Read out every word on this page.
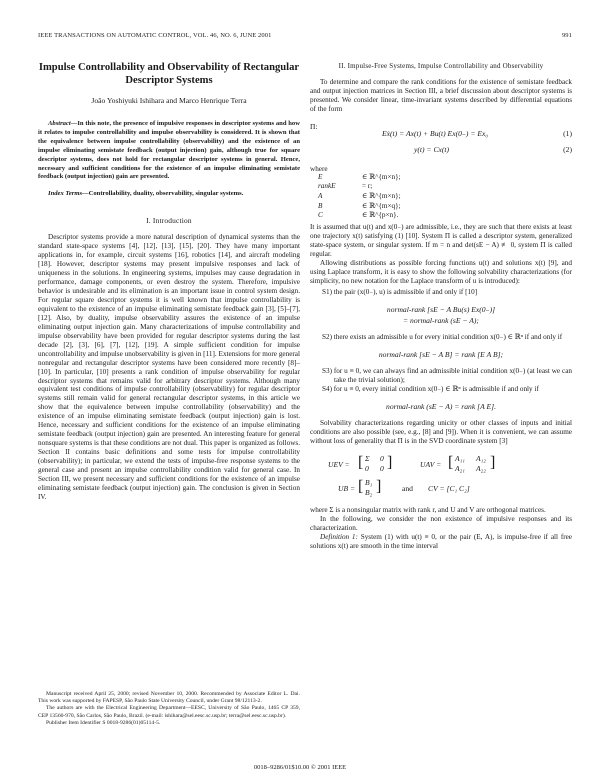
IEEE TRANSACTIONS ON AUTOMATIC CONTROL, VOL. 46, NO. 6, JUNE 2001	991
Impulse Controllability and Observability of Rectangular Descriptor Systems
João Yoshiyuki Ishihara and Marco Henrique Terra
Abstract—In this note, the presence of impulsive responses in descriptor systems and how it relates to impulse controllability and impulse observability is considered. It is shown that the equivalence between impulse controllability (observability) and the existence of an impulse eliminating semistate feedback (output injection) gain, although true for square descriptor systems, does not hold for rectangular descriptor systems in general. Hence, necessary and sufficient conditions for the existence of an impulse eliminating semistate feedback (output injection) gain are presented.
Index Terms—Controllability, duality, observability, singular systems.
I. Introduction

Descriptor systems provide a more natural description of dynamical systems than the standard state-space systems [4], [12], [13], [15], [20]. They have many important applications in, for example, circuit systems [16], robotics [14], and aircraft modeling [18]. However, descriptor systems may present impulsive responses and lack of uniqueness in the solutions. In engineering systems, impulses may cause degradation in performance, damage components, or even destroy the system. Therefore, impulsive behavior is undesirable and its elimination is an important issue in control system design. For regular square descriptor systems it is well known that impulse controllability is equivalent to the existence of an impulse eliminating semistate feedback gain [3], [5]–[7], [12]. Also, by duality, impulse observability assures the existence of an impulse eliminating output injection gain. Many characterizations of impulse controllability and impulse observability have been provided for regular descriptor systems during the last decade [2], [3], [6], [7], [12], [19]. A simple sufficient condition for impulse uncontrollability and impulse unobservability is given in [11]. Extensions for more general nonregular and rectangular descriptor systems have been considered more recently [8]–[10]. In particular, [10] presents a rank condition of impulse observability for regular descriptor systems that remains valid for arbitrary descriptor systems. Although many equivalent test conditions of impulse controllability (observability) for regular descriptor systems still remain valid for general rectangular descriptor systems, in this article we show that the equivalence between impulse controllability (observability) and the existence of an impulse eliminating semistate feedback (output injection) gain is lost. Hence, necessary and sufficient conditions for the existence of an impulse eliminating semistate feedback (output injection) gain are presented. An interesting feature for general nonsquare systems is that these conditions are not dual. This paper is organized as follows. Section II contains basic definitions and some tests for impulse controllability (observability); in particular, we extend the tests of impulse-free response systems to the general case and present an impulse controllability condition valid for general case. In Section III, we present necessary and sufficient conditions for the existence of an impulse eliminating semistate feedback (output injection) gain. The conclusion is given in Section IV.

Manuscript received April 25, 2000; revised November 10, 2000. Recommended by Associate Editor L. Dai. This work was supported by FAPESP, São Paulo State University Council, under Grant 98/12113-2.

The authors are with the Electrical Engineering Department—EESC, University of São Paulo, 1465 CP 359, CEP 13560-970, São Carlos, São Paulo, Brazil. (e-mail: ishihara@sel.eesc.sc.usp.br; terra@sel.eesc.sc.usp.br).

Publisher Item Identifier S 0018-9286(01)05114-5.

II. Impulse-Free Systems, Impulse Controllability and Observability

To determine and compare the rank conditions for the existence of semistate feedback and output injection matrices in Section III, a brief discussion about descriptor systems is presented. We consider linear, time-invariant systems described by differential equations of the form

Π:
Eẋ(t) = Ax(t) + Bu(t) Ex(0₋) = Ex₀	(1)
y(t) = Cx(t)	(2)
where
E	∈ ℝ^{m×n};
rankE	= r;
A	∈ ℝ^{m×n};
B	∈ ℝ^{m×q};
C	∈ ℝ^{p×n}.

It is assumed that u(t) and x(0₋) are admissible, i.e., they are such that there exists at least one trajectory x(t) satisfying (1) [10]. System Π is called a descriptor system, generalized state-space system, or singular system. If m = n and det(sE − A) ≢ 0, system Π is called regular.

Allowing distributions as possible forcing functions u(t) and solutions x(t) [9], and using Laplace transform, it is easy to show the following solvability characterizations (for simplicity, no new notation for the Laplace transform of u is introduced):

S1) the pair (x(0₋), u) is admissible if and only if [10]
normal-rank [sE − A Bu(s) Ex(0₋)]
= normal-rank (sE − A);
S2) there exists an admissible u for every initial condition x(0₋) ∈ ℝⁿ if and only if
normal-rank [sE − A B] = rank [E A B];
S3) for u ≡ 0, we can always find an admissible initial condition x(0₋) (at least we can take the trivial solution);
S4) for u ≡ 0, every initial condition x(0₋) ∈ ℝⁿ is admissible if and only if
normal-rank (sE − A) = rank [A E].

Solvability characterizations regarding unicity or other classes of inputs and initial conditions are also possible (see, e.g., [8] and [9]). When it is convenient, we can assume without loss of generality that Π is in the SVD coordinate system [3]

UEV = [ Σ 0
0 0 ]	UAV = [ A₁₁ A₁₂
A₂₁ A₂₂ ]
UB = [ B₁
B₂ ]	and CV = [C₁ C₂]

where Σ is a nonsingular matrix with rank r, and U and V are orthogonal matrices.

In the following, we consider the non existence of impulsive responses and its characterization.

Definition 1: System (1) with u(t) ≡ 0, or the pair (E, A), is impulse-free if all free solutions x(t) are smooth in the time interval

0018–9286/01$10.00 © 2001 IEEE
